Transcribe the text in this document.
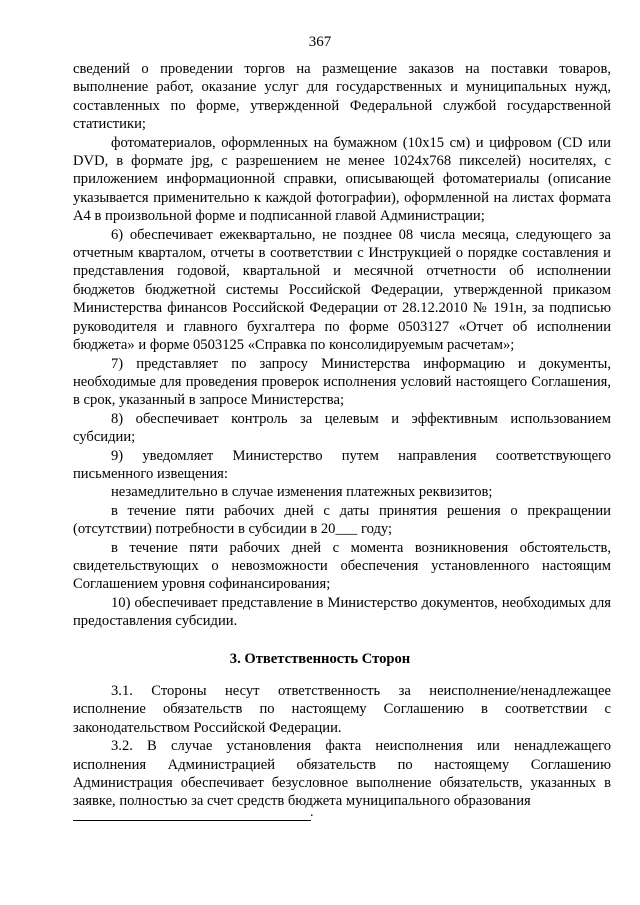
367

сведений о проведении торгов на размещение заказов на поставки товаров, выполнение работ, оказание услуг для государственных и муниципальных нужд, составленных по форме, утвержденной Федеральной службой государственной статистики;

фотоматериалов, оформленных на бумажном (10х15 см) и цифровом (CD или DVD, в формате jpg, с разрешением не менее 1024х768 пикселей) носителях, с приложением информационной справки, описывающей фотоматериалы (описание указывается применительно к каждой фотографии), оформленной на листах формата А4 в произвольной форме и подписанной главой Администрации;

6) обеспечивает ежеквартально, не позднее 08 числа месяца, следующего за отчетным кварталом, отчеты в соответствии с Инструкцией о порядке составления и представления годовой, квартальной и месячной отчетности об исполнении бюджетов бюджетной системы Российской Федерации, утвержденной приказом Министерства финансов Российской Федерации от 28.12.2010 № 191н, за подписью руководителя и главного бухгалтера по форме 0503127 «Отчет об исполнении бюджета» и форме 0503125 «Справка по консолидируемым расчетам»;

7) представляет по запросу Министерства информацию и документы, необходимые для проведения проверок исполнения условий настоящего Соглашения, в срок, указанный в запросе Министерства;

8) обеспечивает контроль за целевым и эффективным использованием субсидии;

9) уведомляет Министерство путем направления соответствующего письменного извещения:

незамедлительно в случае изменения платежных реквизитов;

в течение пяти рабочих дней с даты принятия решения о прекращении (отсутствии) потребности в субсидии в 20___ году;

в течение пяти рабочих дней с момента возникновения обстоятельств, свидетельствующих о невозможности обеспечения установленного настоящим Соглашением уровня софинансирования;

10) обеспечивает представление в Министерство документов, необходимых для предоставления субсидии.

3. Ответственность Сторон

3.1. Стороны несут ответственность за неисполнение/ненадлежащее исполнение обязательств по настоящему Соглашению в соответствии с законодательством Российской Федерации.

3.2. В случае установления факта неисполнения или ненадлежащего исполнения Администрацией обязательств по настоящему Соглашению Администрация обеспечивает безусловное выполнение обязательств, указанных в заявке, полностью за счет средств бюджета муниципального образования

.
